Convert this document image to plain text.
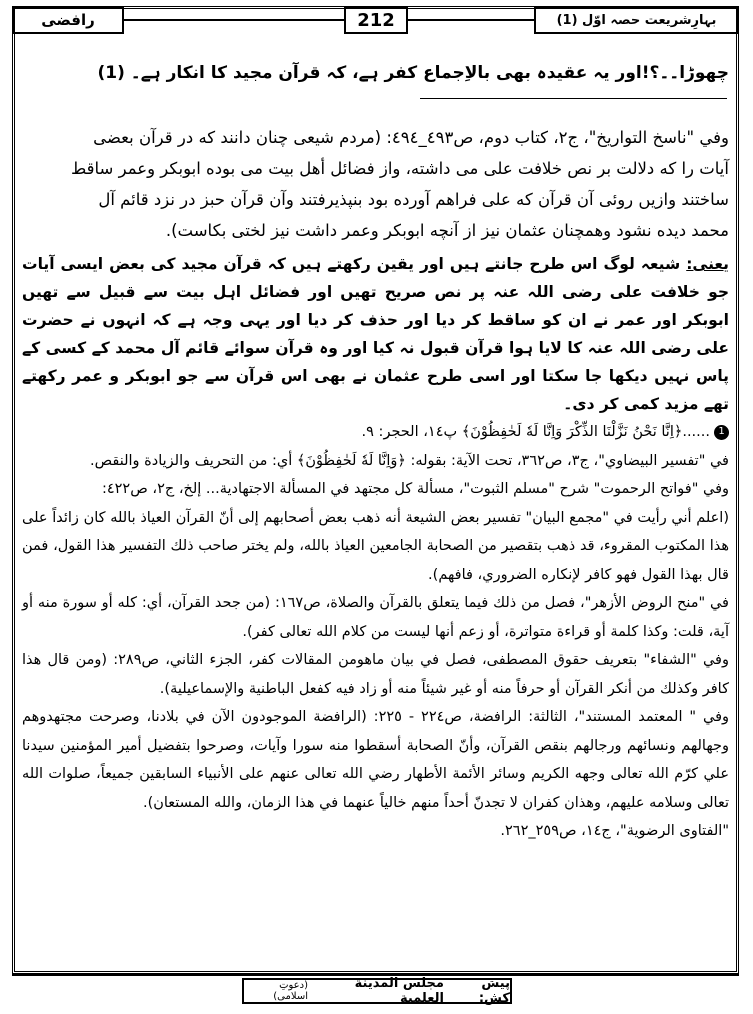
رافضی	212	بہارِشریعت حصہ اوّل (1)
چھوڑا۔۔؟!اور یہ عقیدہ بھی بالاِجماع کفر ہے، کہ قرآن مجید کا انکار ہے۔ (1)
وفي "ناسخ التواريخ"، ج٢، كتاب دوم، ص٤٩٣_٤٩٤: (مردم شیعی چنان دانند که در قرآن بعضی
آیات را که دلالت بر نص خلافت علی می داشته، واز فضائل أهل بیت می بوده ابوبکر وعمر ساقط
ساختند وازیں روئی آن قرآن که علی فراهم آورده بود بنپذیرفتند وآن قرآن حبز در نزد قائم آل
محمد دیده نشود وهمچنان عثمان نیز از آنچه ابوبکر وعمر داشت نیز لختی بکاست).
یعنی: شیعہ لوگ اس طرح جانتے ہیں اور یقین رکھتے ہیں کہ قرآن مجید کی بعض ایسی آیات جو خلافت علی رضی اللہ عنہ پر نص صریح تھیں اور فضائل اہل بیت سے قبیل سے تھیں ابوبکر اور عمر نے ان کو ساقط کر دیا اور حذف کر دیا اور یہی وجہ ہے کہ انہوں نے حضرت علی رضی اللہ عنہ کا لایا ہوا قرآن قبول نہ کیا اور وہ قرآن سوائے قائم آل محمد کے کسی کے پاس نہیں دیکھا جا سکتا اور اسی طرح عثمان نے بھی اس قرآن سے جو ابوبکر و عمر رکھتے تھے مزید کمی کر دی۔

1......﴿اِنَّا نَحْنُ نَزَّلْنَا الذِّكْرَ وَاِنَّا لَهٗ لَحٰفِظُوْنَ﴾ پ١٤، الحجر: ٩.

في "تفسير البيضاوي"، ج٣، ص٣٦٢، تحت الآية: بقوله: ﴿وَاِنَّا لَهٗ لَحٰفِظُوْنَ﴾ أي: من التحريف والزيادة والنقص.

وفي "فواتح الرحموت" شرح "مسلم الثبوت"، مسألة كل مجتهد في المسألة الاجتهادية... إلخ، ج٢، ص٤٢٢:

(اعلم أني رأيت في "مجمع البيان" تفسير بعض الشيعة أنه ذهب بعض أصحابهم إلى أنّ القرآن العياذ بالله كان زائداً على هذا المكتوب المقروء، قد ذهب بتقصير من الصحابة الجامعين العياذ بالله، ولم يختر صاحب ذلك التفسير هذا القول، فمن قال بهذا القول فهو كافر لإنكاره الضروري، فافهم).

في "منح الروض الأزهر"، فصل من ذلك فيما يتعلق بالقرآن والصلاة، ص١٦٧: (من جحد القرآن، أي: كله أو سورة منه أو آية، قلت: وكذا كلمة أو قراءة متواترة، أو زعم أنها ليست من كلام الله تعالى كفر).

وفي "الشفاء" بتعريف حقوق المصطفى، فصل في بيان ماهومن المقالات كفر، الجزء الثاني، ص٢٨٩: (ومن قال هذا كافر وكذلك من أنكر القرآن أو حرفاً منه أو غير شيئاً منه أو زاد فيه كفعل الباطنية والإسماعيلية).

وفي " المعتمد المستند"، الثالثة: الرافضة، ص٢٢٤ - ٢٢٥: (الرافضة الموجودون الآن في بلادنا، وصرحت مجتهدوهم وجهالهم ونسائهم ورجالهم بنقص القرآن، وأنّ الصحابة أسقطوا منه سورا وآيات، وصرحوا بتفضيل أمير المؤمنين سيدنا علي كرّم الله تعالى وجهه الكريم وسائر الأئمة الأطهار رضي الله تعالى عنهم على الأنبياء السابقين جميعاً، صلوات الله تعالى وسلامه عليهم، وهذان كفران لا تجدنّ أحداً منهم خالياً عنهما في هذا الزمان، والله المستعان).

"الفتاوى الرضوية"، ج١٤، ص٢٥٩_٢٦٢.

پیش کش:

مجلس المدينة العلمية
(دعوتِ اسلامی)
